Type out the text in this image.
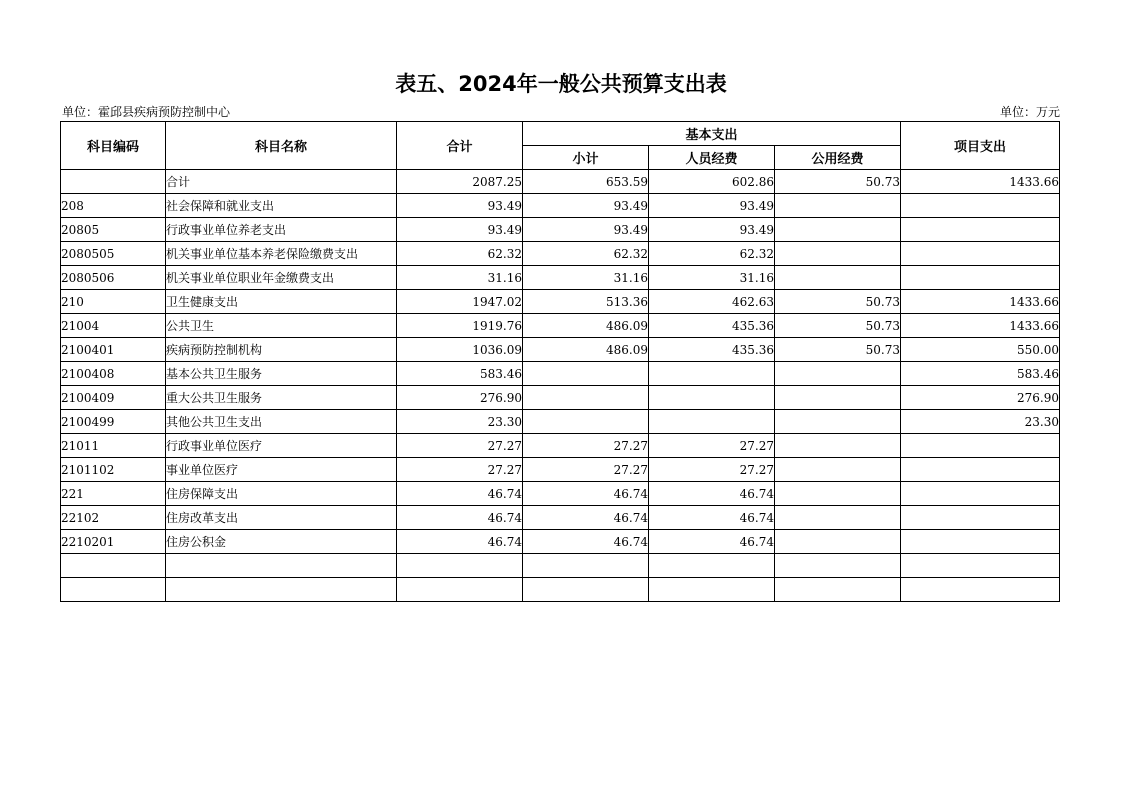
表五、2024年一般公共预算支出表
单位：霍邱县疾病预防控制中心	单位：万元
科目编码	科目名称	合计	基本支出			项目支出
			小计	人员经费	公用经费	
	合计	2087.25	653.59	602.86	50.73	1433.66
208	社会保障和就业支出	93.49	93.49	93.49		
20805	行政事业单位养老支出	93.49	93.49	93.49		
2080505	机关事业单位基本养老保险缴费支出	62.32	62.32	62.32		
2080506	机关事业单位职业年金缴费支出	31.16	31.16	31.16		
210	卫生健康支出	1947.02	513.36	462.63	50.73	1433.66
21004	公共卫生	1919.76	486.09	435.36	50.73	1433.66
2100401	疾病预防控制机构	1036.09	486.09	435.36	50.73	550.00
2100408	基本公共卫生服务	583.46				583.46
2100409	重大公共卫生服务	276.90				276.90
2100499	其他公共卫生支出	23.30				23.30
21011	行政事业单位医疗	27.27	27.27	27.27		
2101102	事业单位医疗	27.27	27.27	27.27		
221	住房保障支出	46.74	46.74	46.74		
22102	住房改革支出	46.74	46.74	46.74		
2210201	住房公积金	46.74	46.74	46.74		
